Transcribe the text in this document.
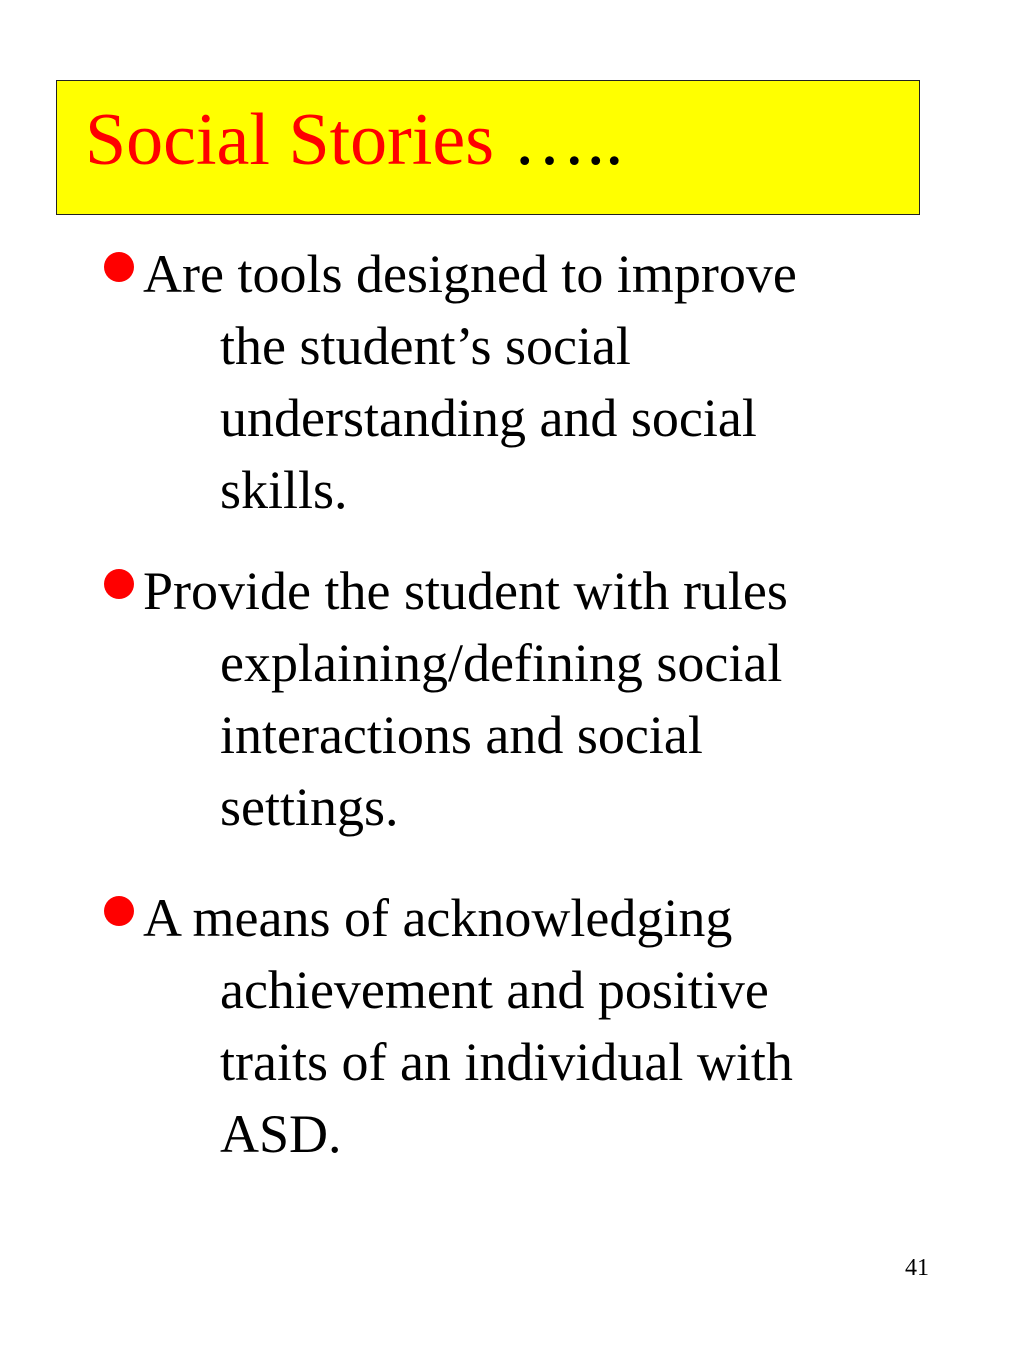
Social Stories …..
Are tools designed to improve
the student’s social
understanding and social
skills.
Provide the student with rules
explaining/defining social
interactions and social
settings.
A means of acknowledging
achievement and positive
traits of an individual with
ASD.
41
